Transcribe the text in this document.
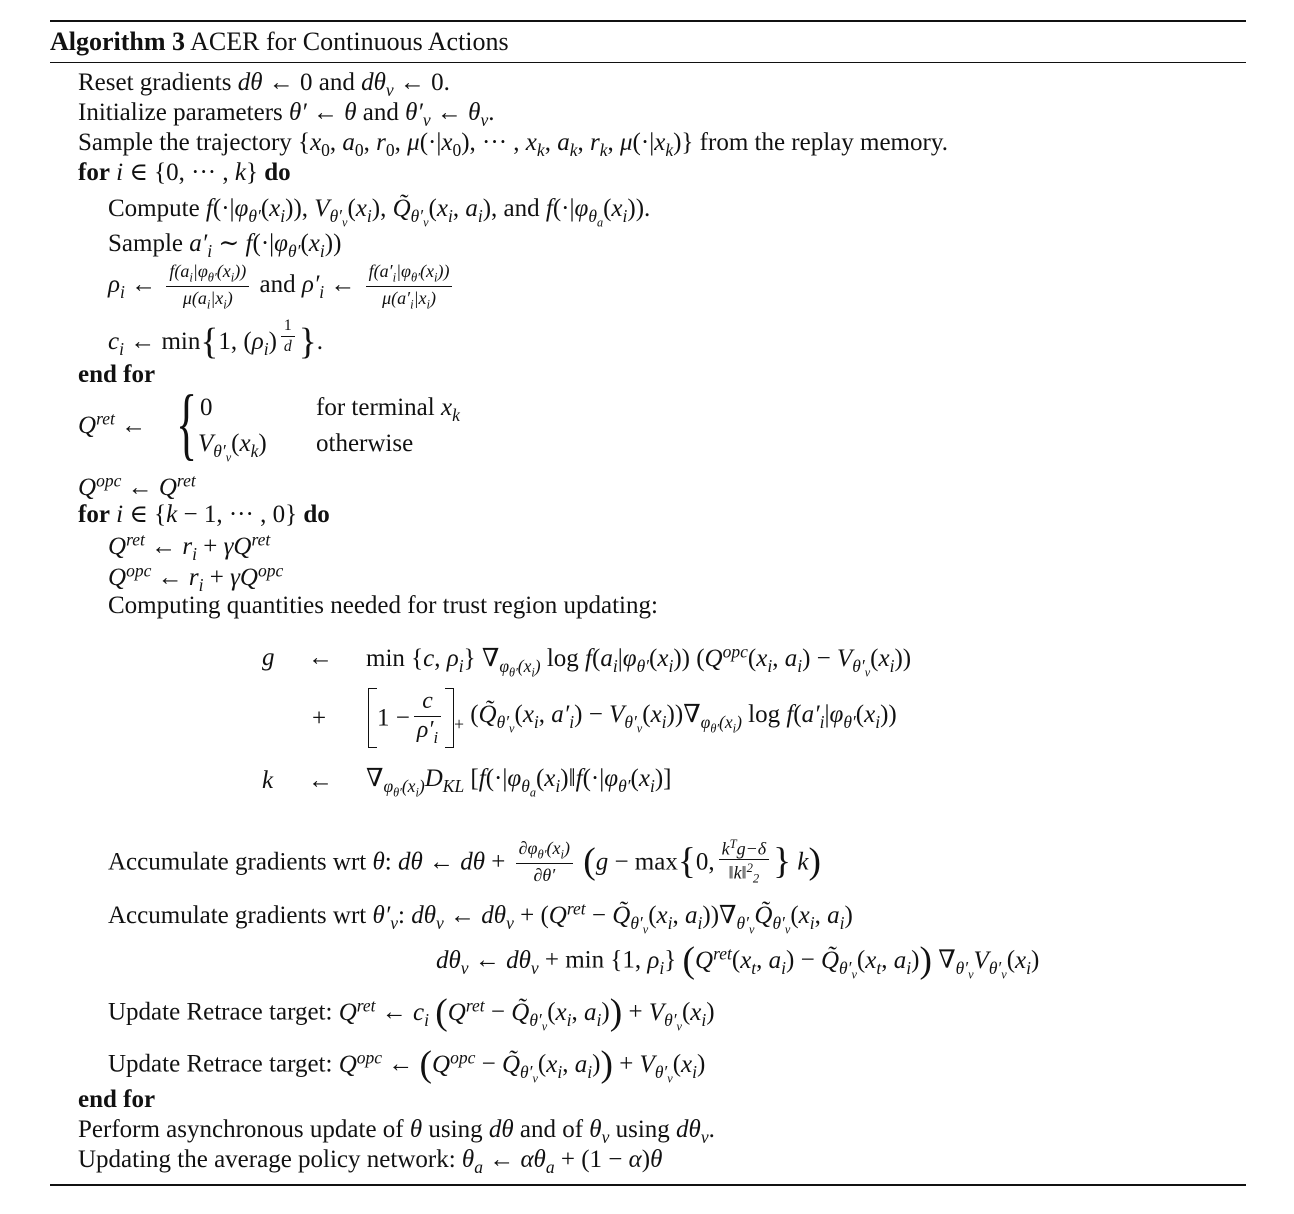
Algorithm 3 ACER for Continuous Actions
Reset gradients dθ ← 0 and $d\theta_v$ ← 0.
Initialize parameters θ′ ← θ and $\theta'_v$ ← $\theta_v$.
Sample the trajectory {$x_0$, $a_0$, $r_0$, $\mu(\cdot|x_0)$, ··· , $x_k$, $a_k$, $r_k$, $\mu(\cdot|x_k)$} from the replay memory.
for i ∈ {0, ··· , k} do
Compute $f(\cdot|\varphi_{\theta'}(x_i))$, $V_{\theta'_v}(x_i)$, $Q̃_{\theta'_v}(x_i$, $a_i$), and $f(\cdot|\varphi_{\theta_a}(x_i))$.
Sample $a'_i$ ∼ $f(\cdot|\varphi_{\theta'}(x_i))$
$\rho_i$ ← $\frac{f(a_i|\varphi_{\theta'}(x_i))}{\mu(a_i|x_i)}$ and $\rho'_i$ ← $\frac{f(a'_i|\varphi_{\theta'}(x_i))}{\mu(a'_i|x_i)}$
$c_i$ ← min{1, $(\rho_i)$ $^{\frac{1}{d}}$ }.
end for
$Q^{ret}$ ← { 0	for terminal $x_k$
$V_{\theta'_v}(x_k)$ otherwise
$Q^{opc}$ ← $Q^{ret}$
for i ∈ {k − 1, ··· , 0} do
$Q^{ret}$ ← $r_i + \gamma Q^{ret}$
$Q^{opc}$ ← $r_i + \gamma Q^{opc}$
Computing quantities needed for trust region updating:
g ← min {c, $\rho_i$} $\nabla_{\varphi_{\theta'}(x_i)}$ $\log f(a_i|\varphi_{\theta'}(x_i))$ ($Q^{opc}(x_i$, $a_i) - V_{\theta'_v}(x_i)$)
+	$1 - \frac{c}{\rho'_i} _+$ ($Q̃_{\theta'_v}(x_i$, $a'_i) - V_{\theta'_v}(x_i))\nabla_{\varphi_{\theta'}(x_i)}$ $\log f(a'_i|\varphi_{\theta'}(x_i))$
k ← $\nabla_{\varphi_{\theta'}(x_i)}D_{KL}$ [$f(\cdot|\varphi_{\theta_a}(x_i)‖f(\cdot|\varphi_{\theta'}(x_i)]$
Accumulate gradients wrt θ: dθ ← $d\theta + \frac{\partial\varphi_{\theta'}(x_i)}{\partial\theta'} (g - \max\{0$, $\frac{k^Tg-\delta}{‖k‖^2_2}$ } k)
Accumulate gradients wrt $\theta'_v$: $d\theta_v$ ← $d\theta_v + (Q^{ret}$ − $Q̃_{\theta'_v}(x_i$, $a_i))\nabla_{\theta'_v}Q̃_{\theta'_v}(x_i$, $a_i$)
$d\theta_v$ ← $d\theta_v + \min \{1$, $\rho_i$} ($Q^{ret}(x_t$, $a_i$) − $Q̃_{\theta'_v}(x_t$, $a_i$)) $\nabla_{\theta'_v}V_{\theta'_v}(x_i)$
Update Retrace target: $Q^{ret}$ ← $c_i$ ($Q^{ret}$ − $Q̃_{\theta'_v}(x_i$, $a_i)) + V_{\theta'_v}(x_i)$
Update Retrace target: $Q^{opc}$ ← ($Q^{opc}$ − $Q̃_{\theta'_v}(x_i$, $a_i)) + V_{\theta'_v}(x_i)$
end for
Perform asynchronous update of θ using dθ and of $\theta_v$ using $d\theta_v$.
Updating the average policy network: $\theta_a$ ← $\alpha\theta_a + (1 - \alpha)\theta$
